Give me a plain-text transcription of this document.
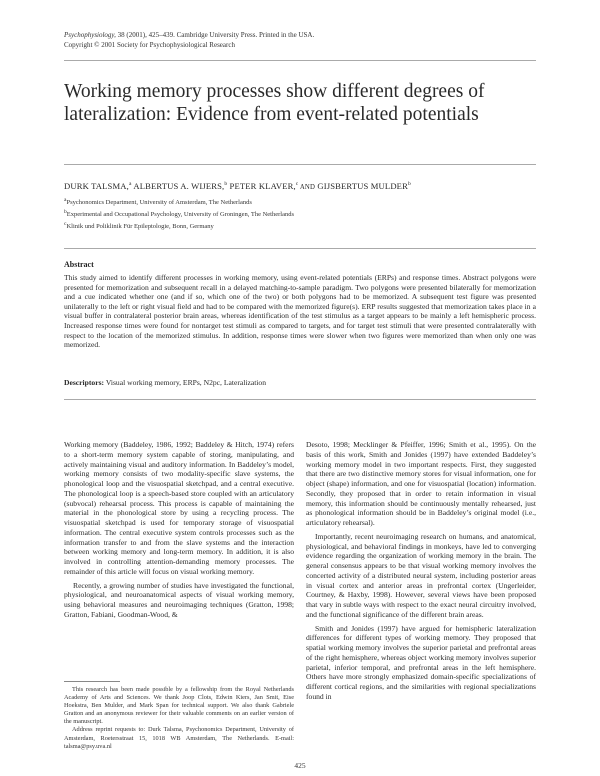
Psychophysiology, 38 (2001), 425–439. Cambridge University Press. Printed in the USA.
Copyright © 2001 Society for Psychophysiological Research
Working memory processes show different degrees of
lateralization: Evidence from event-related potentials
DURK TALSMA,$^a$ ALBERTUS A. WIJERS,$^b$ PETER KLAVER,$^c$ AND GIJSBERTUS MULDER$^b$
$^a$Psychonomics Department, University of Amsterdam, The Netherlands
$^b$Experimental and Occupational Psychology, University of Groningen, The Netherlands
$^c$Klinik und Poliklinik Für Epileptologie, Bonn, Germany
Abstract
This study aimed to identify different processes in working memory, using event-related potentials (ERPs) and response times. Abstract polygons were presented for memorization and subsequent recall in a delayed matching-to-sample paradigm. Two polygons were presented bilaterally for memorization and a cue indicated whether one (and if so, which one of the two) or both polygons had to be memorized. A subsequent test figure was presented unilaterally to the left or right visual field and had to be compared with the memorized figure(s). ERP results suggested that memorization takes place in a visual buffer in contralateral posterior brain areas, whereas identification of the test stimulus as a target appears to be mainly a left hemispheric process. Increased response times were found for nontarget test stimuli as compared to targets, and for target test stimuli that were presented contralaterally with respect to the location of the memorized stimulus. In addition, response times were slower when two figures were memorized than when only one was memorized.
Descriptors: Visual working memory, ERPs, N2pc, Lateralization

Working memory (Baddeley, 1986, 1992; Baddeley & Hitch, 1974) refers to a short-term memory system capable of storing, manipulating, and actively maintaining visual and auditory information. In Baddeley’s model, working memory consists of two modality-specific slave systems, the phonological loop and the visuospatial sketchpad, and a central executive. The phonological loop is a speech-based store coupled with an articulatory (subvocal) rehearsal process. This process is capable of maintaining the material in the phonological store by using a recycling process. The visuospatial sketchpad is used for temporary storage of visuospatial information. The central executive system controls processes such as the information transfer to and from the slave systems and the interaction between working memory and long-term memory. In addition, it is also involved in controlling attention-demanding memory processes. The remainder of this article will focus on visual working memory.

Recently, a growing number of studies have investigated the functional, physiological, and neuroanatomical aspects of visual working memory, using behavioral measures and neuroimaging techniques (Gratton, 1998; Gratton, Fabiani, Goodman-Wood, &

Desoto, 1998; Mecklinger & Pfeiffer, 1996; Smith et al., 1995). On the basis of this work, Smith and Jonides (1997) have extended Baddeley’s working memory model in two important respects. First, they suggested that there are two distinctive memory stores for visual information, one for object (shape) information, and one for visuospatial (location) information. Secondly, they proposed that in order to retain information in visual memory, this information should be continuously mentally rehearsed, just as phonological information should be in Baddeley’s original model (i.e., articulatory rehearsal).

Importantly, recent neuroimaging research on humans, and anatomical, physiological, and behavioral findings in monkeys, have led to converging evidence regarding the organization of working memory in the brain. The general consensus appears to be that visual working memory involves the concerted activity of a distributed neural system, including posterior areas in visual cortex and anterior areas in prefrontal cortex (Ungerleider, Courtney, & Haxby, 1998). However, several views have been proposed that vary in subtle ways with respect to the exact neural circuitry involved, and the functional significance of the different brain areas.

Smith and Jonides (1997) have argued for hemispheric lateralization differences for different types of working memory. They proposed that spatial working memory involves the superior parietal and prefrontal areas of the right hemisphere, whereas object working memory involves superior parietal, inferior temporal, and prefrontal areas in the left hemisphere. Others have more strongly emphasized domain-specific specializations of different cortical regions, and the similarities with regional specializations found in

This research has been made possible by a fellowship from the Royal Netherlands Academy of Arts and Sciences. We thank Joop Clots, Edwin Kiers, Jan Smit, Eise Hoekstra, Ben Mulder, and Mark Span for technical support. We also thank Gabriele Gratton and an anonymous reviewer for their valuable comments on an earlier version of the manuscript.

Address reprint requests to: Durk Talsma, Psychonomics Department, University of Amsterdam, Roetersstraat 15, 1018 WB Amsterdam, The Netherlands. E-mail: talsma@psy.uva.nl

425
